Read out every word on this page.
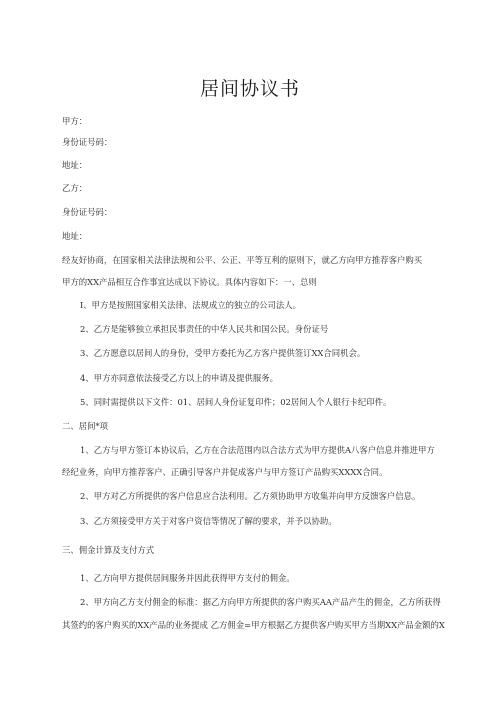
居间协议书
甲方：
身份证号码：
地址：
乙方：
身份证号码：
地址：
经友好协商，在国家相关法律法规和公平、公正、平等互利的原则下，就乙方向甲方推荐客户购买
甲方的XX产品相互合作事宜达成以下协议。具体内容如下：一、总则
I、甲方是按照国家相关法律、法规成立的独立的公司法人。
2、乙方是能够独立承担民事责任的中华人民共和国公民。身份证号
3、乙方愿意以居间人的身份，受甲方委托为乙方客户提供签订XX合同机会。
4、甲方亦同意依法接受乙方以上的申请及提供服务。
5、同时需提供以下文件：01、居间人身份证复印件；02居间人个人银行卡纪印件。
二、居间*项
1、乙方与甲方签订本协议后，乙方在合法范围内以合法方式为甲方提供A八客户信息并推进甲方
经纪业务，向甲方推荐客户、正确引导客户并促成客户与甲方签订产品购买XXXX合同。
2、甲方对乙方所提供的客户信息应合法利用。乙方须协助甲方收集并向甲方反馈客户信息。
3、乙方须接受甲方关于对客户资信等情况了解的要求，并予以协助。
三、佣金计算及支付方式
1、乙方向甲方提供居间服务并因此获得甲方支付的佣金。
2、甲方向乙方支付佣金的标准：据乙方向甲方所提供的客户购买AA产品产生的佣金，乙方所获得
其签约的客户购买的XX产品的业务提成 乙方佣金=甲方根据乙方提供客户购买甲方当期XX产品金额的X
